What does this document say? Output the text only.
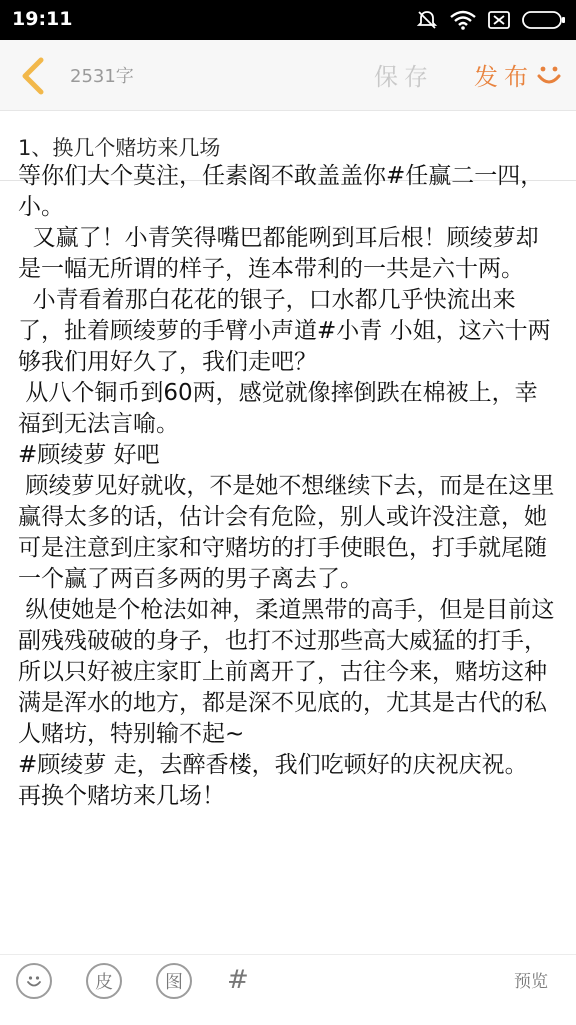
19:11
2531字	保存 发布
1、换几个赌坊来几场

等你们大个莫注，任素阁不敢盖盖你#任赢二一四，小。

又赢了！小青笑得嘴巴都能咧到耳后根！顾绫萝却是一幅无所谓的样子，连本带利的一共是六十两。

小青看着那白花花的银子，口水都几乎快流出来了，扯着顾绫萝的手臂小声道#小青 小姐，这六十两够我们用好久了，我们走吧？

从八个铜币到60两，感觉就像摔倒跌在棉被上，幸福到无法言喻。

#顾绫萝 好吧

顾绫萝见好就收，不是她不想继续下去，而是在这里赢得太多的话，估计会有危险，别人或许没注意，她可是注意到庄家和守赌坊的打手使眼色，打手就尾随一个赢了两百多两的男子离去了。

纵使她是个枪法如神，柔道黑带的高手，但是目前这副残残破破的身子，也打不过那些高大威猛的打手，所以只好被庄家盯上前离开了，古往今来，赌坊这种满是浑水的地方，都是深不见底的，尤其是古代的私人赌坊，特别输不起~

#顾绫萝 走，去醉香楼，我们吃顿好的庆祝庆祝。

再换个赌坊来几场！

皮	图 #	预览
